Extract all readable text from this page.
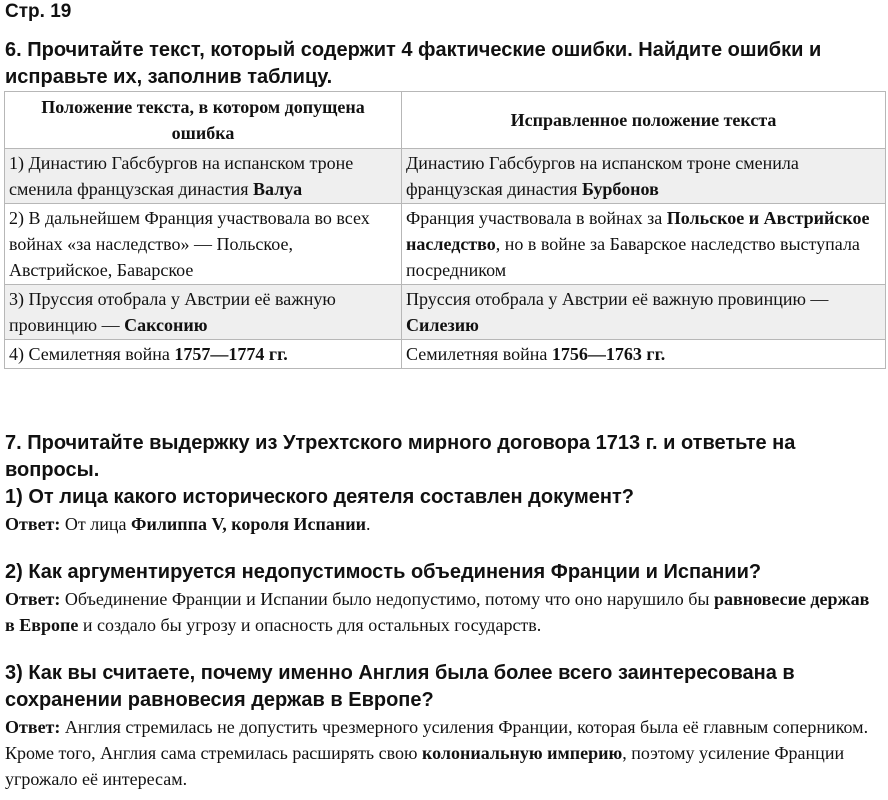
Стр. 19
6. Прочитайте текст, который содержит 4 фактические ошибки. Найдите ошибки и исправьте их, заполнив таблицу.
Положение текста, в котором допущена ошибка	Исправленное положение текста
1) Династию Габсбургов на испанском троне сменила французская династия Валуа	Династию Габсбургов на испанском троне сменила французская династия Бурбонов
2) В дальнейшем Франция участвовала во всех войнах «за наследство» — Польское, Австрийское, Баварское	Франция участвовала в войнах за Польское и Австрийское наследство, но в войне за Баварское наследство выступала посредником
3) Пруссия отобрала у Австрии её важную провинцию — Саксонию	Пруссия отобрала у Австрии её важную провинцию — Силезию
4) Семилетняя война 1757—1774 гг.	Семилетняя война 1756—1763 гг.
7. Прочитайте выдержку из Утрехтского мирного договора 1713 г. и ответьте на вопросы.
1) От лица какого исторического деятеля составлен документ?
Ответ: От лица Филиппа V, короля Испании.
2) Как аргументируется недопустимость объединения Франции и Испании?
Ответ: Объединение Франции и Испании было недопустимо, потому что оно нарушило бы равновесие держав в Европе и создало бы угрозу и опасность для остальных государств.
3) Как вы считаете, почему именно Англия была более всего заинтересована в сохранении равновесия держав в Европе?
Ответ: Англия стремилась не допустить чрезмерного усиления Франции, которая была её главным соперником. Кроме того, Англия сама стремилась расширять свою колониальную империю, поэтому усиление Франции угрожало её интересам.
